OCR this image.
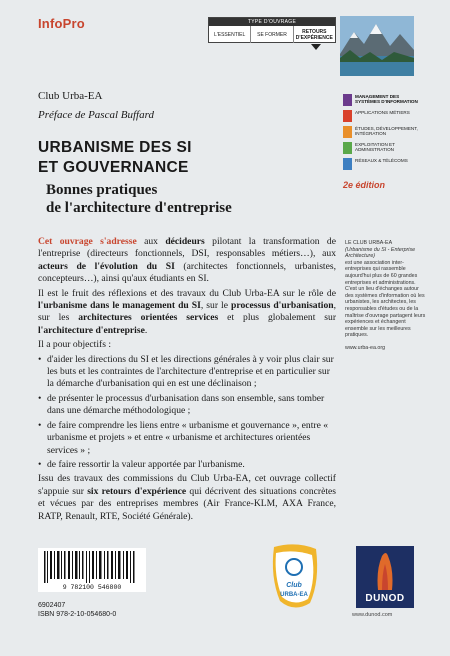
InfoPro	TYPE D'OUVRAGE
L'ESSENTIEL	SE FORMER	RETOURS D'EXPÉRIENCE
MANAGEMENT DES SYSTÈMES D'INFORMATION
APPLICATIONS MÉTIERS
ÉTUDES, DÉVELOPPEMENT, INTÉGRATION
EXPLOITATION ET ADMINISTRATION
RÉSEAUX & TÉLÉCOMS
Club Urba-EA
Préface de Pascal Buffard
URBANISME DES SI
ET GOUVERNANCE
Bonnes pratiques
de l'architecture d'entreprise
2e édition

Cet ouvrage s'adresse aux décideurs pilotant la transformation de l'entreprise (directeurs fonctionnels, DSI, responsables métiers…), aux acteurs de l'évolution du SI (architectes fonctionnels, urbanistes, concepteurs…), ainsi qu'aux étudiants en SI.

Il est le fruit des réflexions et des travaux du Club Urba-EA sur le rôle de l'urbanisme dans le management du SI, sur le processus d'urbanisation, sur les architectures orientées services et plus globalement sur l'architecture d'entreprise.

Il a pour objectifs :

• d'aider les directions du SI et les directions générales à y voir plus clair sur les buts et les contraintes de l'architecture d'entreprise et en particulier sur la démarche d'urbanisation qui en est une déclinaison ;
• de présenter le processus d'urbanisation dans son ensemble, sans tomber dans une démarche méthodologique ;
• de faire comprendre les liens entre « urbanisme et gouvernance », entre « urbanisme et projets » et entre « urbanisme et architectures orientées services » ;
• de faire ressortir la valeur apportée par l'urbanisme.

Issu des travaux des commissions du Club Urba-EA, cet ouvrage collectif s'appuie sur six retours d'expérience qui décrivent des situations concrètes et vécues par des entreprises membres (Air France-KLM, AXA France, RATP, Renault, RTE, Société Générale).

LE CLUB URBA-EA
(Urbanisme du SI - Enterprise Architecture)
est une association inter-entreprises qui rassemble aujourd'hui plus de 60 grandes entreprises et administrations. C'est un lieu d'échanges autour des systèmes d'information où les urbanistes, les architectes, les responsables d'études ou de la maîtrise d'ouvrage partagent leurs expériences et échangent ensemble sur les meilleures pratiques.
www.urba-ea.org
9 782100 546800
6902407
ISBN 978-2-10-054680-0
Club
URBA-EA	DUNOD
www.dunod.com
